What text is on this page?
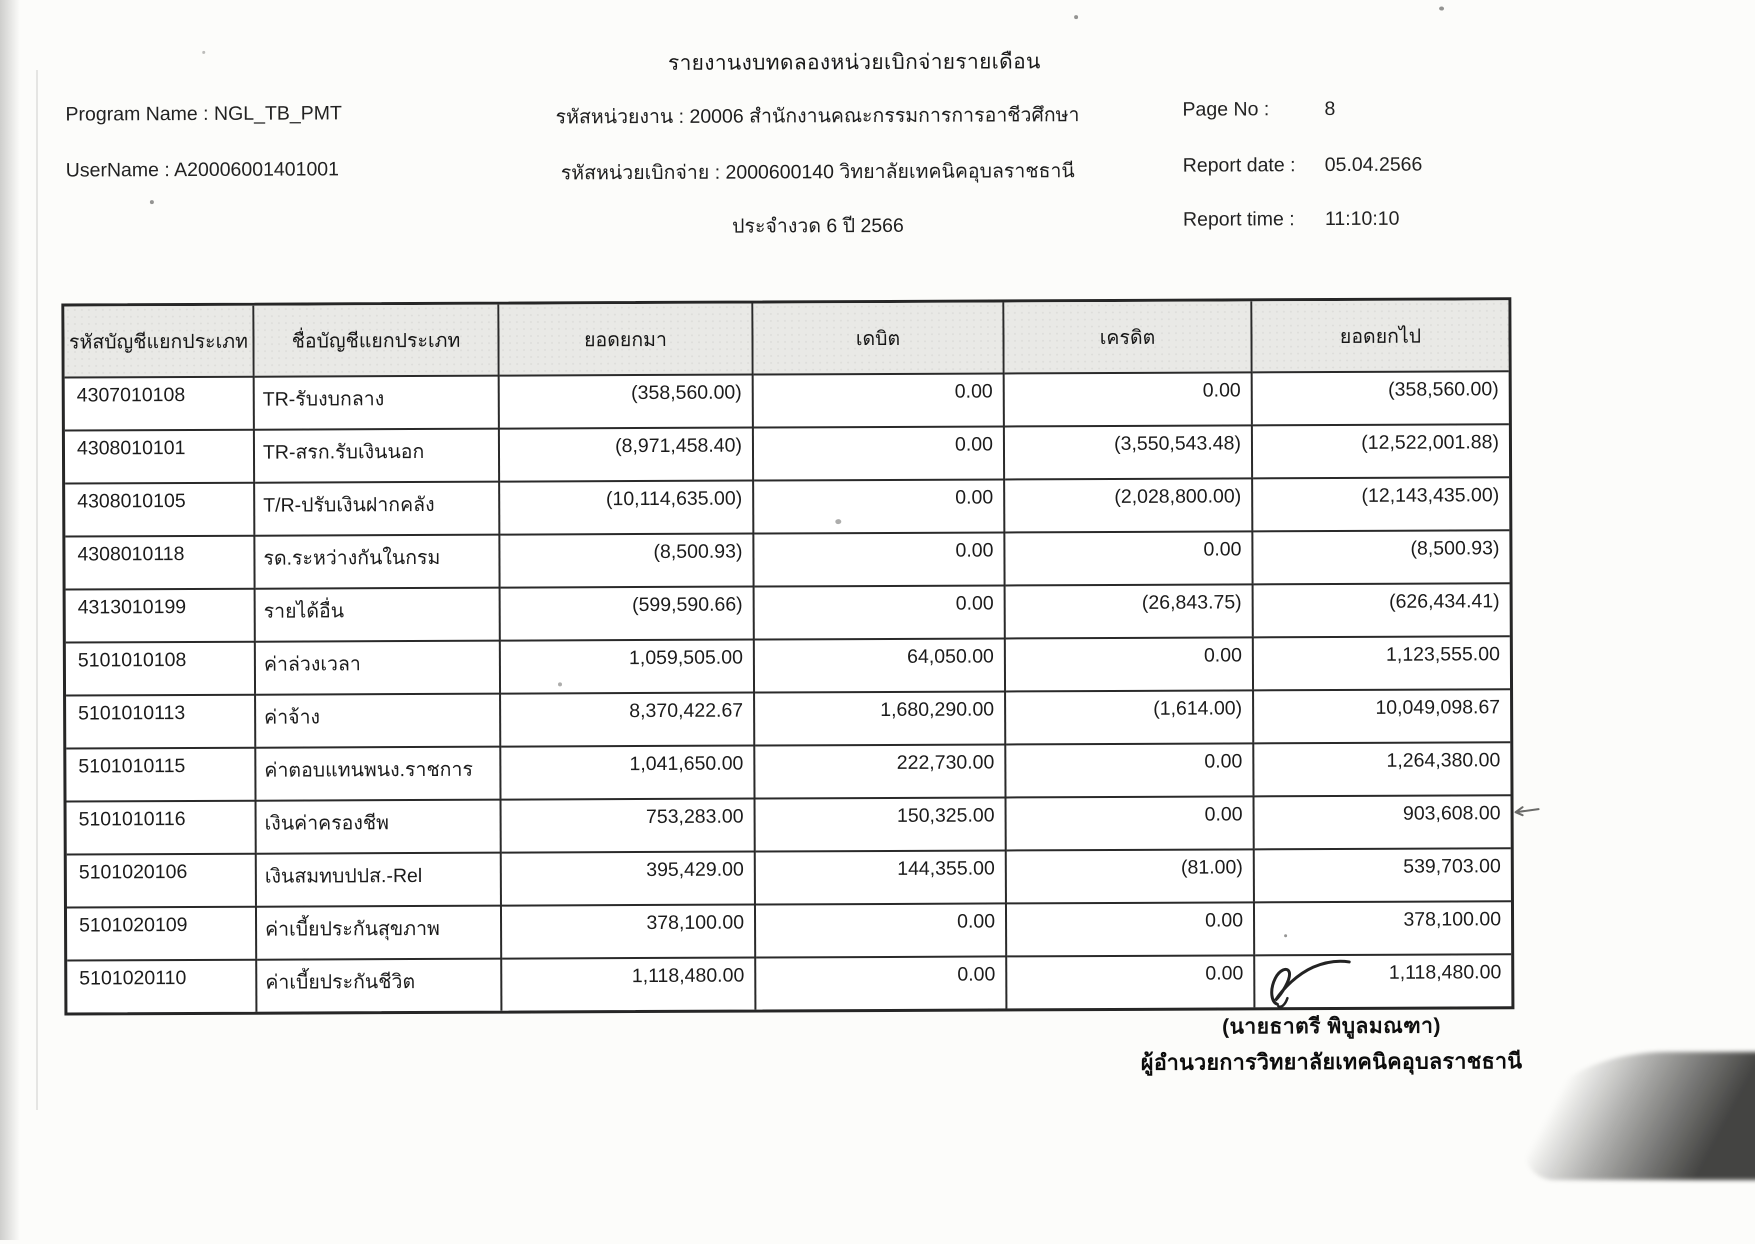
รายงานงบทดลองหน่วยเบิกจ่ายรายเดือน
Program Name : NGL_TB_PMT
UserName : A20006001401001
รหัสหน่วยงาน : 20006 สำนักงานคณะกรรมการการอาชีวศึกษา
รหัสหน่วยเบิกจ่าย : 2000600140 วิทยาลัยเทคนิคอุบลราชธานี
ประจำงวด 6 ปี 2566
Page No :	8
Report date : 05.04.2566
Report time : 11:10:10
รหัสบัญชีแยกประเภท	ชื่อบัญชีแยกประเภท	ยอดยกมา	เดบิต	เครดิต	ยอดยกไป
4307010108	TR-รับงบกลาง	(358,560.00)	0.00	0.00	(358,560.00)
4308010101	TR-สรก.รับเงินนอก	(8,971,458.40)	0.00	(3,550,543.48)	(12,522,001.88)
4308010105	T/R-ปรับเงินฝากคลัง	(10,114,635.00)	0.00	(2,028,800.00)	(12,143,435.00)
4308010118	รด.ระหว่างกันในกรม	(8,500.93)	0.00	0.00	(8,500.93)
4313010199	รายได้อื่น	(599,590.66)	0.00	(26,843.75)	(626,434.41)
5101010108	ค่าล่วงเวลา	1,059,505.00	64,050.00	0.00	1,123,555.00
5101010113	ค่าจ้าง	8,370,422.67	1,680,290.00	(1,614.00)	10,049,098.67
5101010115	ค่าตอบแทนพนง.ราชการ	1,041,650.00	222,730.00	0.00	1,264,380.00
5101010116	เงินค่าครองชีพ	753,283.00	150,325.00	0.00	903,608.00
5101020106	เงินสมทบปปส.-Rel	395,429.00	144,355.00	(81.00)	539,703.00
5101020109	ค่าเบี้ยประกันสุขภาพ	378,100.00	0.00	0.00	378,100.00
5101020110	ค่าเบี้ยประกันชีวิต	1,118,480.00	0.00	0.00	1,118,480.00
(นายธาตรี พิบูลมณฑา)
ผู้อำนวยการวิทยาลัยเทคนิคอุบลราชธานี
